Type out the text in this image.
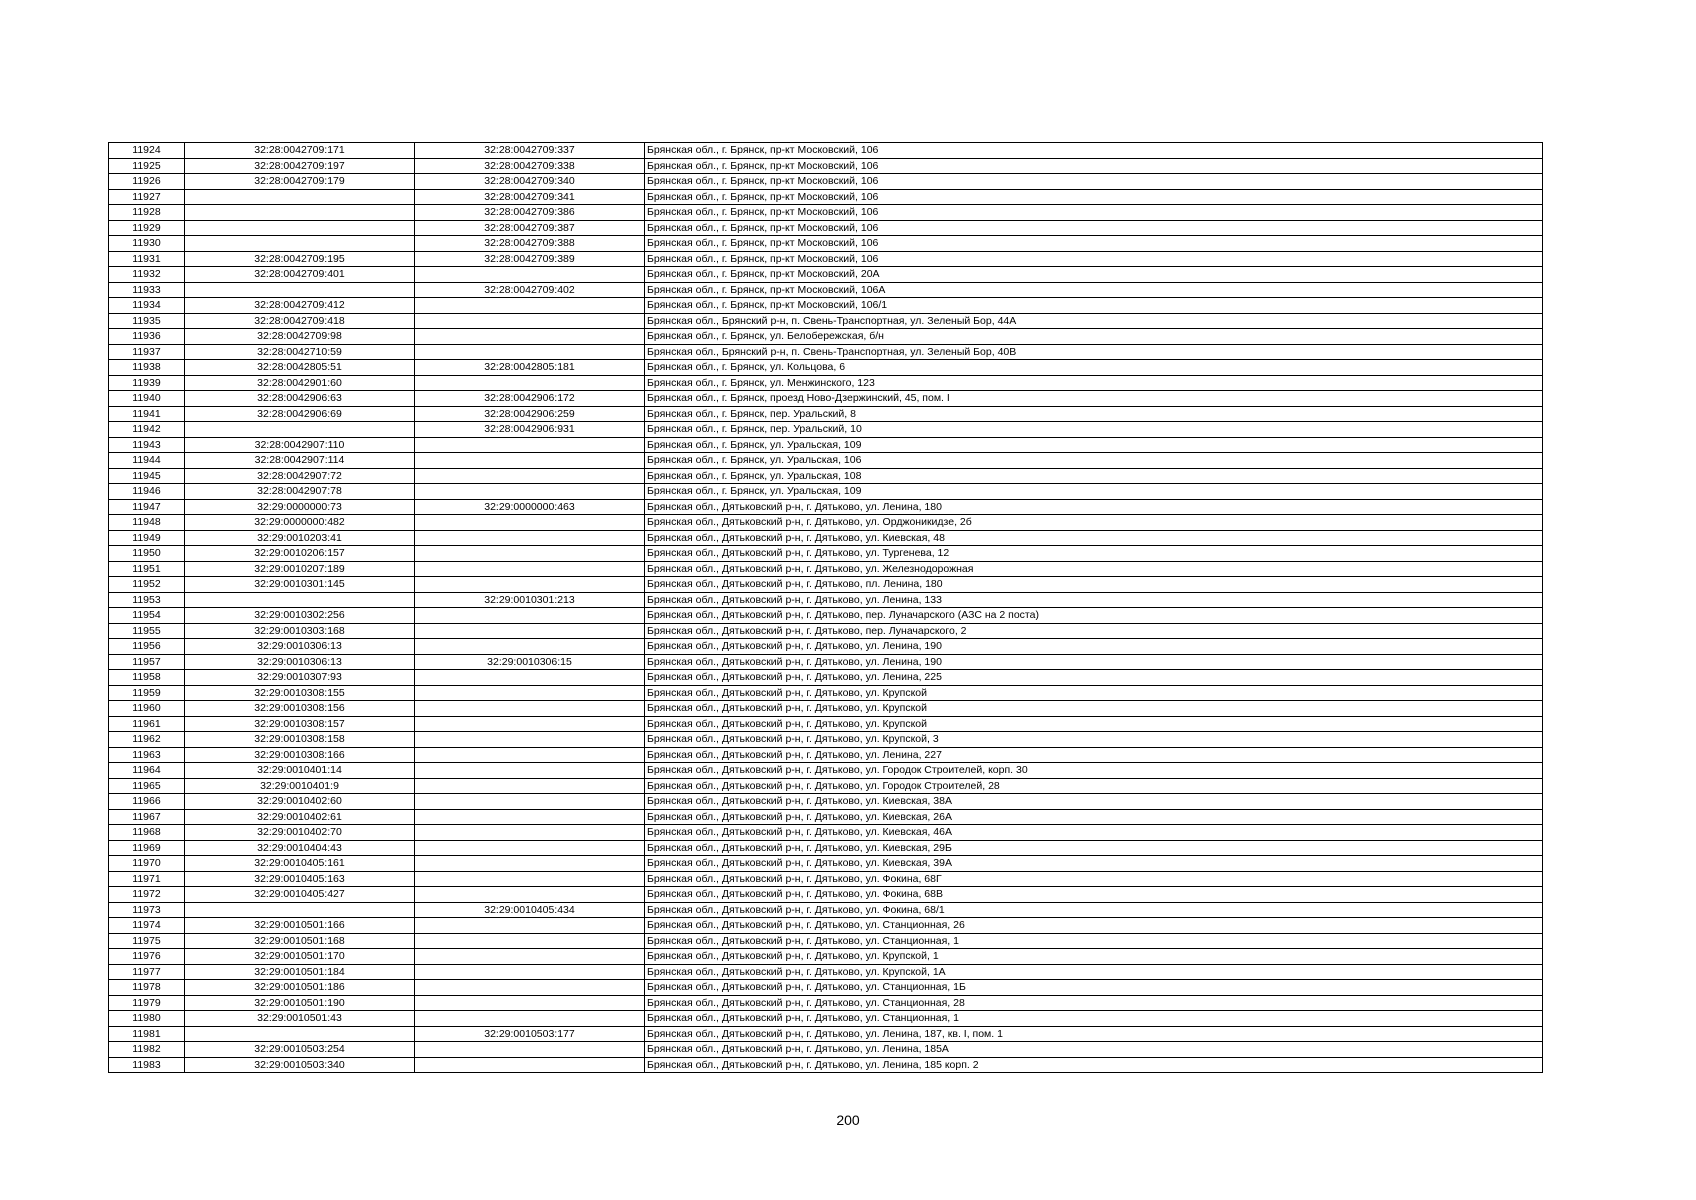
11924	32:28:0042709:171	32:28:0042709:337	Брянская обл., г. Брянск, пр-кт Московский, 106
11925	32:28:0042709:197	32:28:0042709:338	Брянская обл., г. Брянск, пр-кт Московский, 106
11926	32:28:0042709:179	32:28:0042709:340	Брянская обл., г. Брянск, пр-кт Московский, 106
11927		32:28:0042709:341	Брянская обл., г. Брянск, пр-кт Московский, 106
11928		32:28:0042709:386	Брянская обл., г. Брянск, пр-кт Московский, 106
11929		32:28:0042709:387	Брянская обл., г. Брянск, пр-кт Московский, 106
11930		32:28:0042709:388	Брянская обл., г. Брянск, пр-кт Московский, 106
11931	32:28:0042709:195	32:28:0042709:389	Брянская обл., г. Брянск, пр-кт Московский, 106
11932	32:28:0042709:401		Брянская обл., г. Брянск, пр-кт Московский, 20А
11933		32:28:0042709:402	Брянская обл., г. Брянск, пр-кт Московский, 106А
11934	32:28:0042709:412		Брянская обл., г. Брянск, пр-кт Московский, 106/1
11935	32:28:0042709:418		Брянская обл., Брянский р-н, п. Свень-Транспортная, ул. Зеленый Бор, 44А
11936	32:28:0042709:98		Брянская обл., г. Брянск, ул. Белобережская, б/н
11937	32:28:0042710:59		Брянская обл., Брянский р-н, п. Свень-Транспортная, ул. Зеленый Бор, 40В
11938	32:28:0042805:51	32:28:0042805:181	Брянская обл., г. Брянск, ул. Кольцова, 6
11939	32:28:0042901:60		Брянская обл., г. Брянск, ул. Менжинского, 123
11940	32:28:0042906:63	32:28:0042906:172	Брянская обл., г. Брянск, проезд Ново-Дзержинский, 45, пом. I
11941	32:28:0042906:69	32:28:0042906:259	Брянская обл., г. Брянск, пер. Уральский, 8
11942		32:28:0042906:931	Брянская обл., г. Брянск, пер. Уральский, 10
11943	32:28:0042907:110		Брянская обл., г. Брянск, ул. Уральская, 109
11944	32:28:0042907:114		Брянская обл., г. Брянск, ул. Уральская, 106
11945	32:28:0042907:72		Брянская обл., г. Брянск, ул. Уральская, 108
11946	32:28:0042907:78		Брянская обл., г. Брянск, ул. Уральская, 109
11947	32:29:0000000:73	32:29:0000000:463	Брянская обл., Дятьковский р-н, г. Дятьково, ул. Ленина, 180
11948	32:29:0000000:482		Брянская обл., Дятьковский р-н, г. Дятьково, ул. Орджоникидзе, 2б
11949	32:29:0010203:41		Брянская обл., Дятьковский р-н, г. Дятьково, ул. Киевская, 48
11950	32:29:0010206:157		Брянская обл., Дятьковский р-н, г. Дятьково, ул. Тургенева, 12
11951	32:29:0010207:189		Брянская обл., Дятьковский р-н, г. Дятьково, ул. Железнодорожная
11952	32:29:0010301:145		Брянская обл., Дятьковский р-н, г. Дятьково, пл. Ленина, 180
11953		32:29:0010301:213	Брянская обл., Дятьковский р-н, г. Дятьково, ул. Ленина, 133
11954	32:29:0010302:256		Брянская обл., Дятьковский р-н, г. Дятьково, пер. Луначарского (АЗС на 2 поста)
11955	32:29:0010303:168		Брянская обл., Дятьковский р-н, г. Дятьково, пер. Луначарского, 2
11956	32:29:0010306:13		Брянская обл., Дятьковский р-н, г. Дятьково, ул. Ленина, 190
11957	32:29:0010306:13	32:29:0010306:15	Брянская обл., Дятьковский р-н, г. Дятьково, ул. Ленина, 190
11958	32:29:0010307:93		Брянская обл., Дятьковский р-н, г. Дятьково, ул. Ленина, 225
11959	32:29:0010308:155		Брянская обл., Дятьковский р-н, г. Дятьково, ул. Крупской
11960	32:29:0010308:156		Брянская обл., Дятьковский р-н, г. Дятьково, ул. Крупской
11961	32:29:0010308:157		Брянская обл., Дятьковский р-н, г. Дятьково, ул. Крупской
11962	32:29:0010308:158		Брянская обл., Дятьковский р-н, г. Дятьково, ул. Крупской, 3
11963	32:29:0010308:166		Брянская обл., Дятьковский р-н, г. Дятьково, ул. Ленина, 227
11964	32:29:0010401:14		Брянская обл., Дятьковский р-н, г. Дятьково, ул. Городок Строителей, корп. 30
11965	32:29:0010401:9		Брянская обл., Дятьковский р-н, г. Дятьково, ул. Городок Строителей, 28
11966	32:29:0010402:60		Брянская обл., Дятьковский р-н, г. Дятьково, ул. Киевская, 38А
11967	32:29:0010402:61		Брянская обл., Дятьковский р-н, г. Дятьково, ул. Киевская, 26А
11968	32:29:0010402:70		Брянская обл., Дятьковский р-н, г. Дятьково, ул. Киевская, 46А
11969	32:29:0010404:43		Брянская обл., Дятьковский р-н, г. Дятьково, ул. Киевская, 29Б
11970	32:29:0010405:161		Брянская обл., Дятьковский р-н, г. Дятьково, ул. Киевская, 39А
11971	32:29:0010405:163		Брянская обл., Дятьковский р-н, г. Дятьково, ул. Фокина, 68Г
11972	32:29:0010405:427		Брянская обл., Дятьковский р-н, г. Дятьково, ул. Фокина, 68В
11973		32:29:0010405:434	Брянская обл., Дятьковский р-н, г. Дятьково, ул. Фокина, 68/1
11974	32:29:0010501:166		Брянская обл., Дятьковский р-н, г. Дятьково, ул. Станционная, 26
11975	32:29:0010501:168		Брянская обл., Дятьковский р-н, г. Дятьково, ул. Станционная, 1
11976	32:29:0010501:170		Брянская обл., Дятьковский р-н, г. Дятьково, ул. Крупской, 1
11977	32:29:0010501:184		Брянская обл., Дятьковский р-н, г. Дятьково, ул. Крупской, 1А
11978	32:29:0010501:186		Брянская обл., Дятьковский р-н, г. Дятьково, ул. Станционная, 1Б
11979	32:29:0010501:190		Брянская обл., Дятьковский р-н, г. Дятьково, ул. Станционная, 28
11980	32:29:0010501:43		Брянская обл., Дятьковский р-н, г. Дятьково, ул. Станционная, 1
11981		32:29:0010503:177	Брянская обл., Дятьковский р-н, г. Дятьково, ул. Ленина, 187, кв. I, пом. 1
11982	32:29:0010503:254		Брянская обл., Дятьковский р-н, г. Дятьково, ул. Ленина, 185А
11983	32:29:0010503:340		Брянская обл., Дятьковский р-н, г. Дятьково, ул. Ленина, 185 корп. 2
200
